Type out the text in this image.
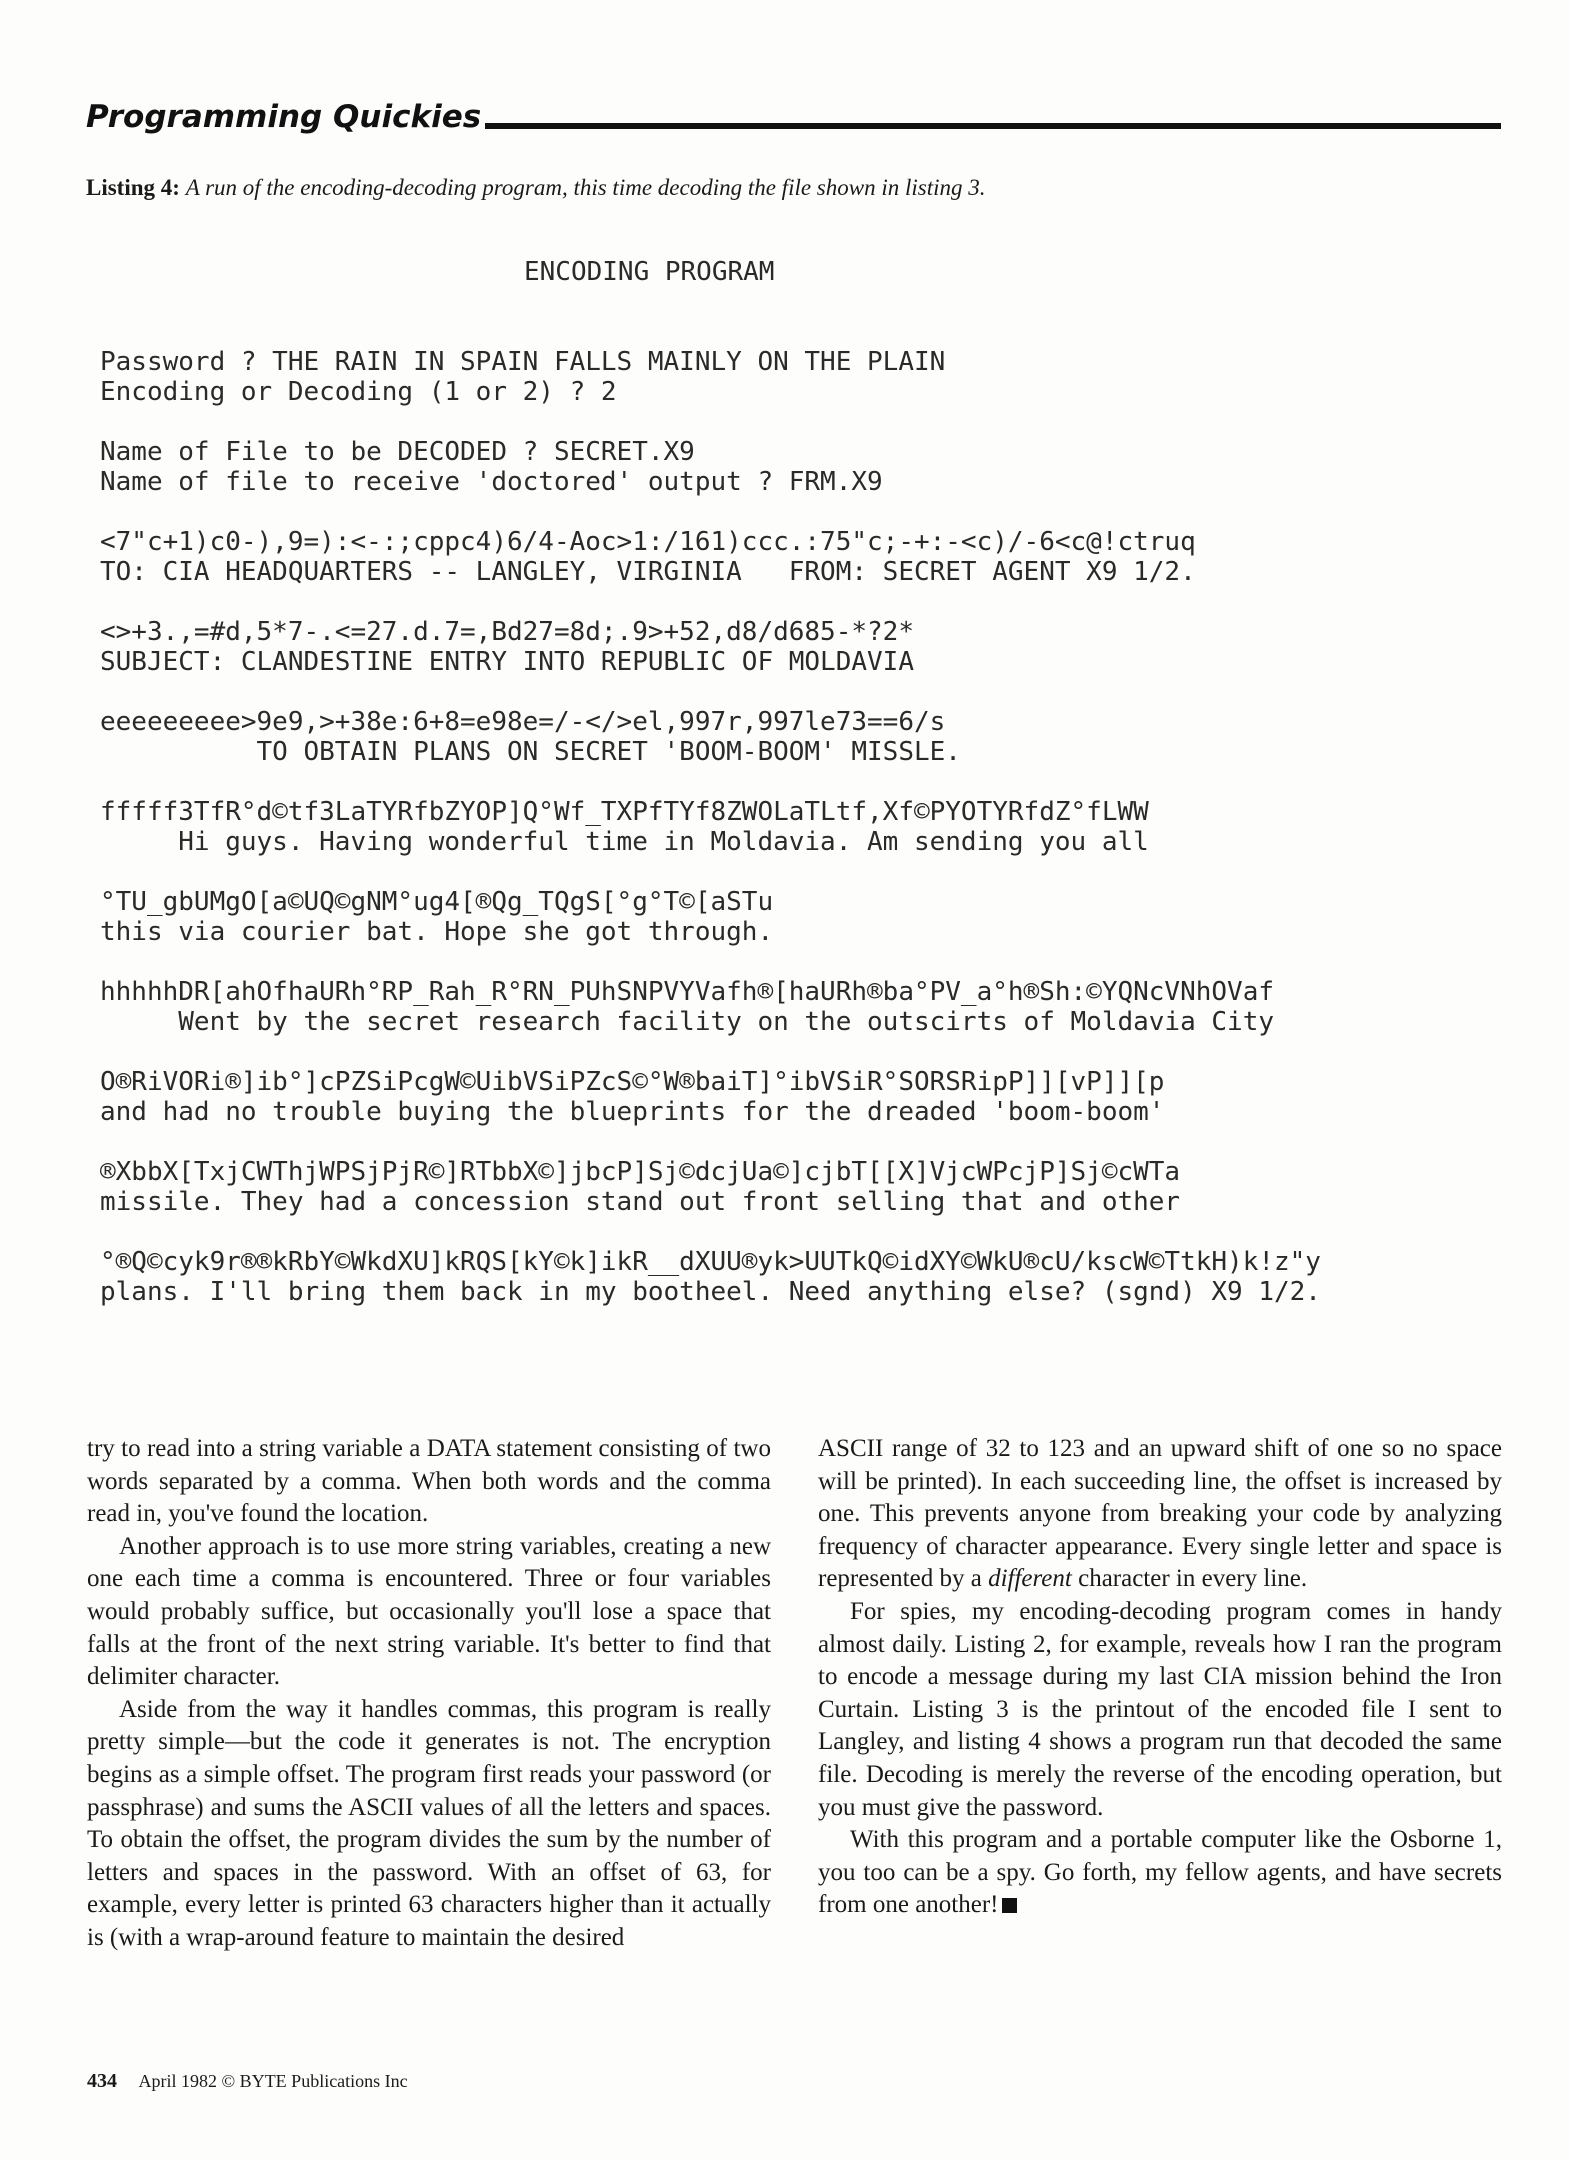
Programming Quickies
Listing 4: A run of the encoding-decoding program, this time decoding the file shown in listing 3.

ENCODING PROGRAM

Password ? THE RAIN IN SPAIN FALLS MAINLY ON THE PLAIN

Encoding or Decoding (1 or 2) ? 2

Name of File to be DECODED ? SECRET.X9

Name of file to receive 'doctored' output ? FRM.X9

<7"c+1)c0-),9=):<-:;cppc4)6/4-Aoc>1:/161)ccc.:75"c;-+:-<c)/-6<c@!ctruq

TO: CIA HEADQUARTERS -- LANGLEY, VIRGINIA   FROM: SECRET AGENT X9 1/2.

<>+3.,=#d,5*7-.<=27.d.7=,Bd27=8d;.9>+52,d8/d685-*?2*

SUBJECT: CLANDESTINE ENTRY INTO REPUBLIC OF MOLDAVIA

eeeeeeeee>9e9,>+38e:6+8=e98e=/-</>el,997r,997le73==6/s

TO OBTAIN PLANS ON SECRET 'BOOM-BOOM' MISSLE.

fffff3TfR°d©tf3LaTYRfbZYOP]Q°Wf_TXPfTYf8ZWOLaTLtf,Xf©PYOTYRfdZ°fLWW

Hi guys. Having wonderful time in Moldavia. Am sending you all

°TU_gbUMgO[a©UQ©gNM°ug4[®Qg_TQgS[°g°T©[aSTu

this via courier bat. Hope she got through.

hhhhhDR[ahOfhaURh°RP_Rah_R°RN_PUhSNPVYVafh®[haURh®ba°PV_a°h®Sh:©YQNcVNhOVaf

Went by the secret research facility on the outscirts of Moldavia City

O®RiVORi®]ib°]cPZSiPcgW©UibVSiPZcS©°W®baiT]°ibVSiR°SORSRipP]][vP]][p

and had no trouble buying the blueprints for the dreaded 'boom-boom'

®XbbX[TxjCWThjWPSjPjR©]RTbbX©]jbcP]Sj©dcjUa©]cjbT[[X]VjcWPcjP]Sj©cWTa

missile. They had a concession stand out front selling that and other

°®Q©cyk9r®®kRbY©WkdXU]kRQS[kY©k]ikR__dXUU®yk>UUTkQ©idXY©WkU®cU/kscW©TtkH)k!z"y

plans. I'll bring them back in my bootheel. Need anything else? (sgnd) X9 1/2.

try to read into a string variable a DATA statement consisting of two words separated by a comma. When both words and the comma read in, you've found the location.

Another approach is to use more string variables, creating a new one each time a comma is encountered. Three or four variables would probably suffice, but occasionally you'll lose a space that falls at the front of the next string variable. It's better to find that delimiter character.

Aside from the way it handles commas, this program is really pretty simple—but the code it generates is not. The encryption begins as a simple offset. The program first reads your password (or passphrase) and sums the ASCII values of all the letters and spaces. To obtain the offset, the program divides the sum by the number of letters and spaces in the password. With an offset of 63, for example, every letter is printed 63 characters higher than it actually is (with a wrap-around feature to maintain the desired

ASCII range of 32 to 123 and an upward shift of one so no space will be printed). In each succeeding line, the offset is increased by one. This prevents anyone from breaking your code by analyzing frequency of character appearance. Every single letter and space is represented by a different character in every line.

For spies, my encoding-decoding program comes in handy almost daily. Listing 2, for example, reveals how I ran the program to encode a message during my last CIA mission behind the Iron Curtain. Listing 3 is the printout of the encoded file I sent to Langley, and listing 4 shows a program run that decoded the same file. Decoding is merely the reverse of the encoding operation, but you must give the password.

With this program and a portable computer like the Osborne 1, you too can be a spy. Go forth, my fellow agents, and have secrets from one another!

434 April 1982 © BYTE Publications Inc
